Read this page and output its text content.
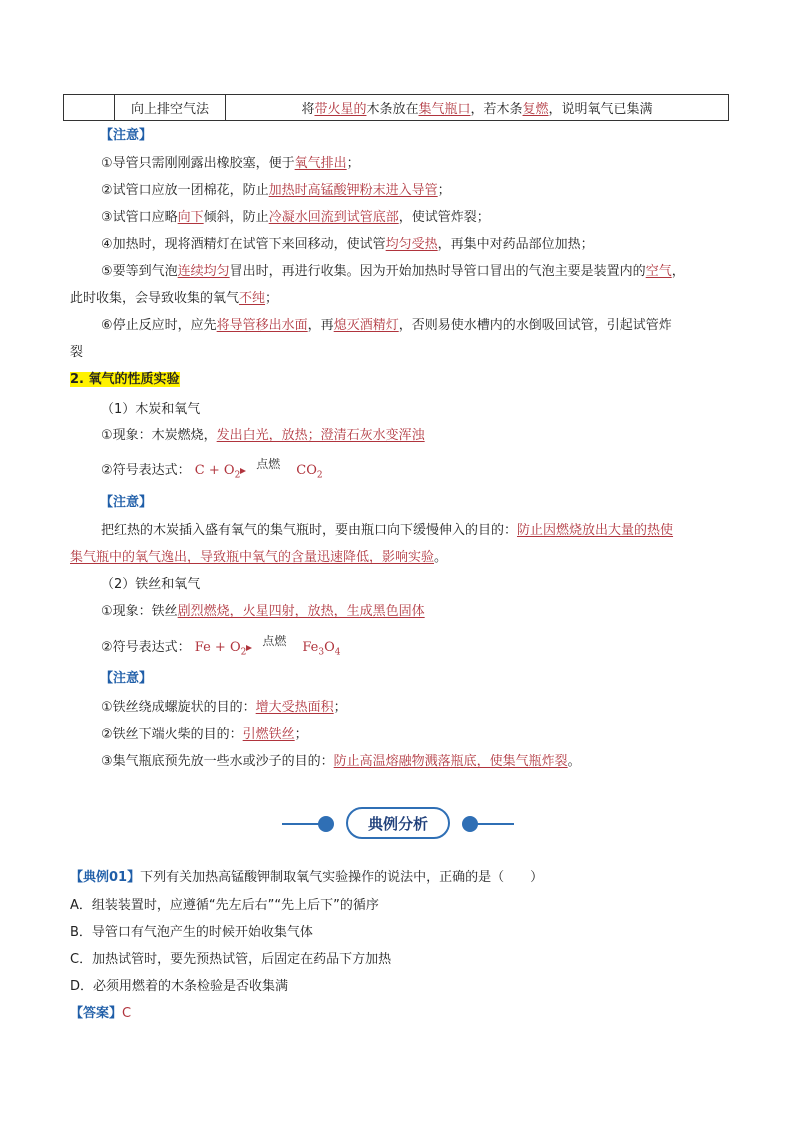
向上排空气法	将 带火星的 木条放在 集气瓶口 ，若木条 复燃 ，说明氧气已集满
【注意】
①导管只需刚刚露出橡胶塞，便于氧气排出；
②试管口应放一团棉花，防止加热时高锰酸钾粉末进入导管；
③试管口应略向下倾斜，防止冷凝水回流到试管底部，使试管炸裂；
④加热时，现将酒精灯在试管下来回移动，使试管均匀受热，再集中对药品部位加热；
⑤要等到气泡连续均匀冒出时，再进行收集。因为开始加热时导管口冒出的气泡主要是装置内的空气，
此时收集，会导致收集的氧气不纯；
⑥停止反应时，应先将导管移出水面，再熄灭酒精灯，否则易使水槽内的水倒吸回试管，引起试管炸
裂
2. 氧气的性质实验
（1）木炭和氧气
①现象：木炭燃烧，发出白光，放热；澄清石灰水变浑浊
②符号表达式： $C + O_2$
点燃	$CO_2$
【注意】
把红热的木炭插入盛有氧气的集气瓶时，要由瓶口向下缓慢伸入的目的：防止因燃烧放出大量的热使
集气瓶中的氧气逸出，导致瓶中氧气的含量迅速降低，影响实验。
（2）铁丝和氧气
①现象：铁丝剧烈燃烧，火星四射，放热，生成黑色固体
②符号表达式： $Fe + O_2$
点燃	$Fe_3O_4$
【注意】
①铁丝绕成螺旋状的目的：增大受热面积；
②铁丝下端火柴的目的：引燃铁丝；
③集气瓶底预先放一些水或沙子的目的：防止高温熔融物溅落瓶底，使集气瓶炸裂。
典例分析
【典例01】下列有关加热高锰酸钾制取氧气实验操作的说法中，正确的是（　　）
A．组装装置时，应遵循“先左后右”“先上后下”的循序
B．导管口有气泡产生的时候开始收集气体
C．加热试管时，要先预热试管，后固定在药品下方加热
D．必须用燃着的木条检验是否收集满
【答案】C
